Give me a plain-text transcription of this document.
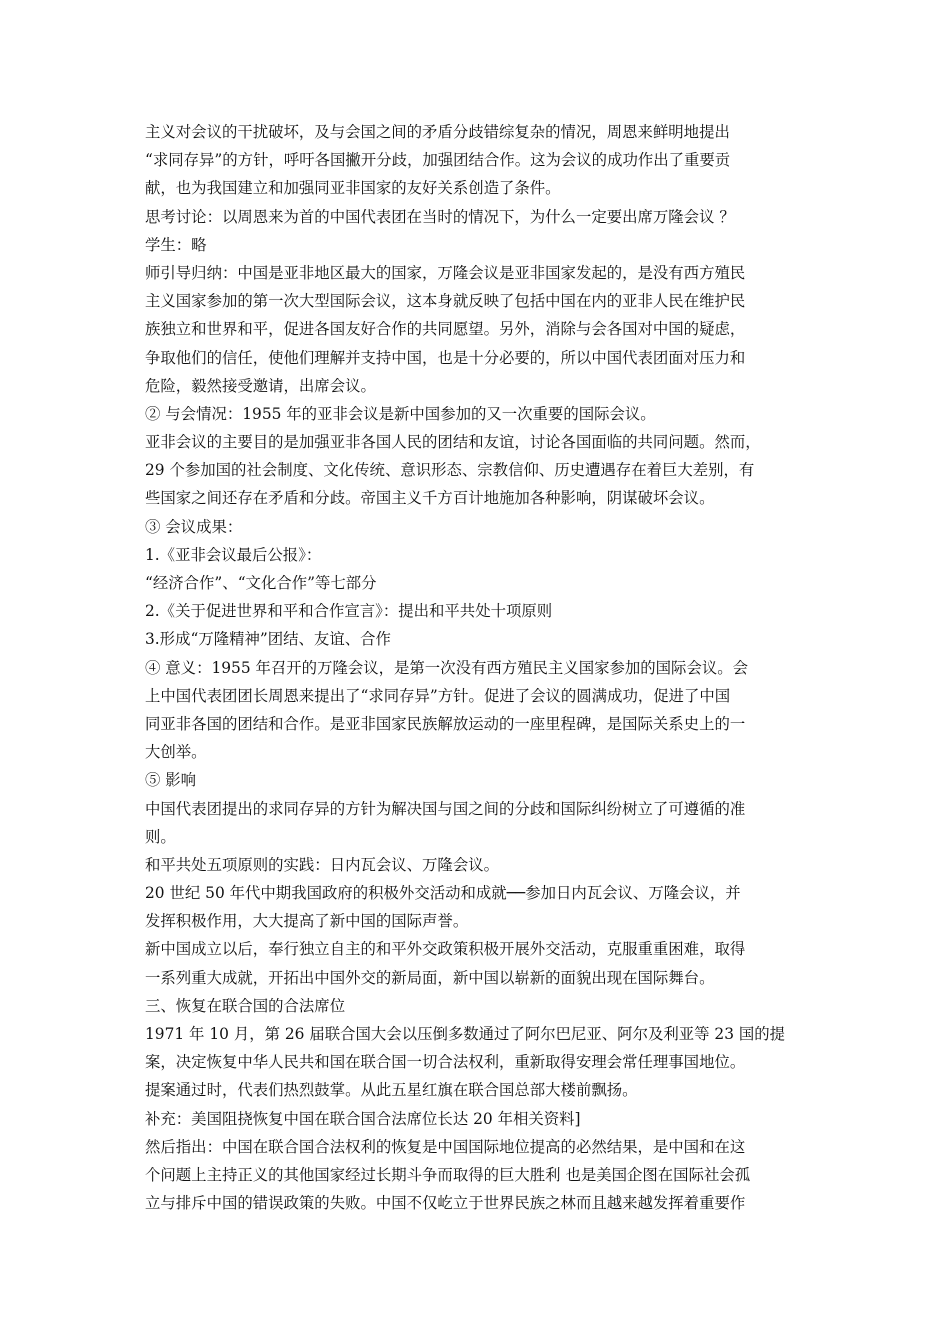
主义对会议的干扰破坏，及与会国之间的矛盾分歧错综复杂的情况，周恩来鲜明地提出
“求同存异”的方针，呼吁各国撇开分歧，加强团结合作。这为会议的成功作出了重要贡
献，也为我国建立和加强同亚非国家的友好关系创造了条件。
思考讨论：以周恩来为首的中国代表团在当时的情况下，为什么一定要出席万隆会议 ？
学生：略
师引导归纳：中国是亚非地区最大的国家，万隆会议是亚非国家发起的，是没有西方殖民
主义国家参加的第一次大型国际会议，这本身就反映了包括中国在内的亚非人民在维护民
族独立和世界和平，促进各国友好合作的共同愿望。另外，消除与会各国对中国的疑虑，
争取他们的信任，使他们理解并支持中国，也是十分必要的，所以中国代表团面对压力和
危险，毅然接受邀请，出席会议。
② 与会情况：1955 年的亚非会议是新中国参加的又一次重要的国际会议。
亚非会议的主要目的是加强亚非各国人民的团结和友谊，讨论各国面临的共同问题。然而，
29 个参加国的社会制度、文化传统、意识形态、宗教信仰、历史遭遇存在着巨大差别，有
些国家之间还存在矛盾和分歧。帝国主义千方百计地施加各种影响，阴谋破坏会议。
③ 会议成果：
1.《亚非会议最后公报》：
“经济合作”、“文化合作”等七部分
2.《关于促进世界和平和合作宣言》：提出和平共处十项原则
3.形成“万隆精神”团结、友谊、合作
④ 意义：1955 年召开的万隆会议，是第一次没有西方殖民主义国家参加的国际会议。会
上中国代表团团长周恩来提出了“求同存异”方针。促进了会议的圆满成功，促进了中国
同亚非各国的团结和合作。是亚非国家民族解放运动的一座里程碑，是国际关系史上的一
大创举。
⑤ 影响
中国代表团提出的求同存异的方针为解决国与国之间的分歧和国际纠纷树立了可遵循的准
则。
和平共处五项原则的实践：日内瓦会议、万隆会议。
20 世纪 50 年代中期我国政府的积极外交活动和成就──参加日内瓦会议、万隆会议，并
发挥积极作用，大大提高了新中国的国际声誉。
新中国成立以后，奉行独立自主的和平外交政策积极开展外交活动，克服重重困难，取得
一系列重大成就，开拓出中国外交的新局面，新中国以崭新的面貌出现在国际舞台。
三、恢复在联合国的合法席位
1971 年 10 月，第 26 届联合国大会以压倒多数通过了阿尔巴尼亚、阿尔及利亚等 23 国的提
案，决定恢复中华人民共和国在联合国一切合法权利，重新取得安理会常任理事国地位。
提案通过时，代表们热烈鼓掌。从此五星红旗在联合国总部大楼前飘扬。
补充：美国阻挠恢复中国在联合国合法席位长达 20 年相关资料]
然后指出：中国在联合国合法权利的恢复是中国国际地位提高的必然结果，是中国和在这
个问题上主持正义的其他国家经过长期斗争而取得的巨大胜利 也是美国企图在国际社会孤
立与排斥中国的错误政策的失败。中国不仅屹立于世界民族之林而且越来越发挥着重要作
